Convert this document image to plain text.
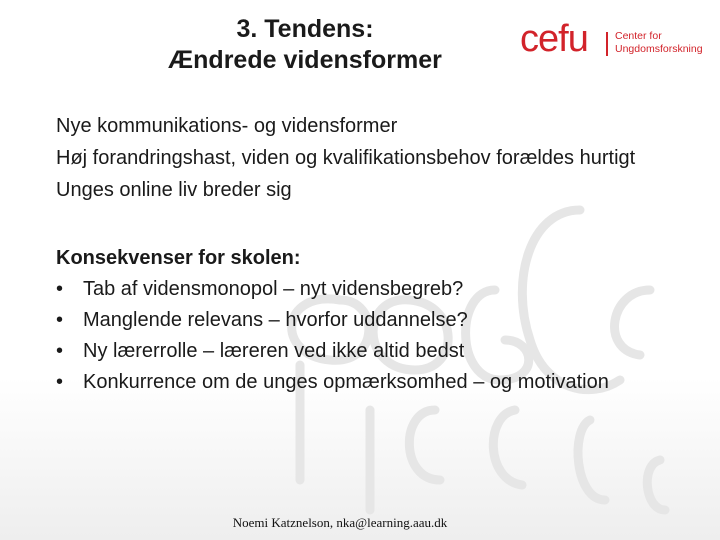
3. Tendens:
Ændrede vidensformer	cefu	Center for
Ungdomsforskning

Nye kommunikations- og vidensformer

Høj forandringshast, viden og kvalifikationsbehov forældes hurtigt

Unges online liv breder sig

Konsekvenser for skolen:

• Tab af vidensmonopol – nyt vidensbegreb?
• Manglende relevans – hvorfor uddannelse?
• Ny lærerrolle – læreren ved ikke altid bedst
• Konkurrence om de unges opmærksomhed – og motivation
Noemi Katznelson, nka@learning.aau.dk
